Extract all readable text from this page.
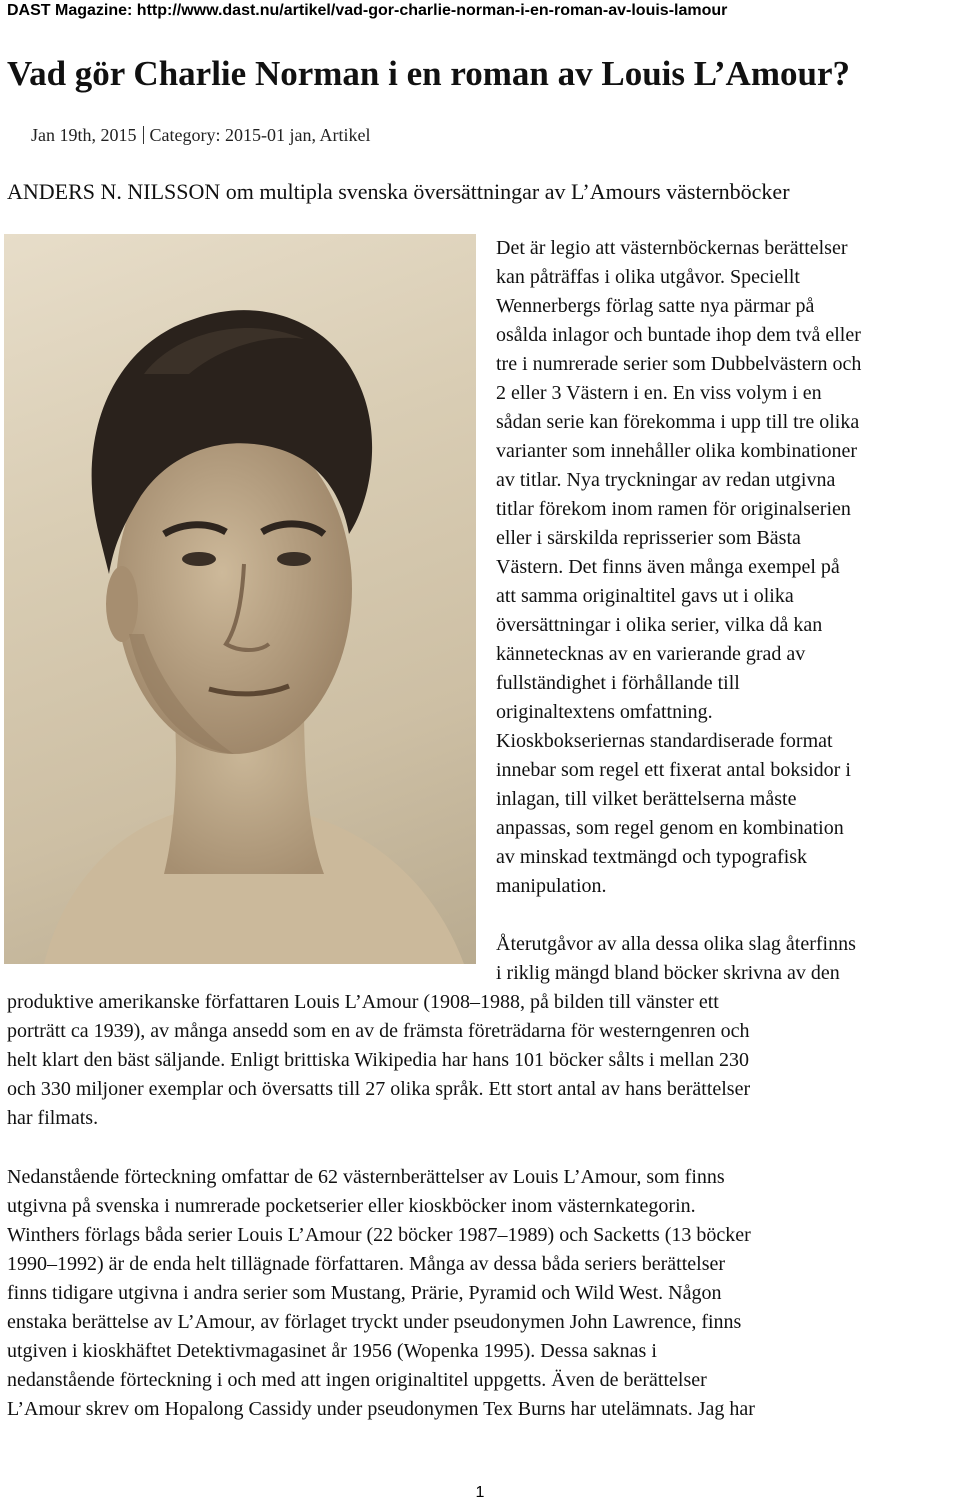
DAST Magazine: http://www.dast.nu/artikel/vad-gor-charlie-norman-i-en-roman-av-louis-lamour
Vad gör Charlie Norman i en roman av Louis L’Amour?
Jan 19th, 2015 Category: 2015-01 jan, Artikel
ANDERS N. NILSSON om multipla svenska översättningar av L’Amours västernböcker
Det är legio att västernböckernas berättelser
kan påträffas i olika utgåvor. Speciellt
Wennerbergs förlag satte nya pärmar på
osålda inlagor och buntade ihop dem två eller
tre i numrerade serier som Dubbelvästern och
2 eller 3 Västern i en. En viss volym i en
sådan serie kan förekomma i upp till tre olika
varianter som innehåller olika kombinationer
av titlar. Nya tryckningar av redan utgivna
titlar förekom inom ramen för originalserien
eller i särskilda reprisserier som Bästa
Västern. Det finns även många exempel på
att samma originaltitel gavs ut i olika
översättningar i olika serier, vilka då kan
kännetecknas av en varierande grad av
fullständighet i förhållande till
originaltextens omfattning.
Kioskbokseriernas standardiserade format
innebar som regel ett fixerat antal boksidor i
inlagan, till vilket berättelserna måste
anpassas, som regel genom en kombination
av minskad textmängd och typografisk
manipulation.
Återutgåvor av alla dessa olika slag återfinns
i riklig mängd bland böcker skrivna av den
produktive amerikanske författaren Louis L’Amour (1908–1988, på bilden till vänster ett
porträtt ca 1939), av många ansedd som en av de främsta företrädarna för westerngenren och
helt klart den bäst säljande. Enligt brittiska Wikipedia har hans 101 böcker sålts i mellan 230
och 330 miljoner exemplar och översatts till 27 olika språk. Ett stort antal av hans berättelser
har filmats.
Nedanstående förteckning omfattar de 62 västernberättelser av Louis L’Amour, som finns
utgivna på svenska i numrerade pocketserier eller kioskböcker inom västernkategorin.
Winthers förlags båda serier Louis L’Amour (22 böcker 1987–1989) och Sacketts (13 böcker
1990–1992) är de enda helt tillägnade författaren. Många av dessa båda seriers berättelser
finns tidigare utgivna i andra serier som Mustang, Prärie, Pyramid och Wild West. Någon
enstaka berättelse av L’Amour, av förlaget tryckt under pseudonymen John Lawrence, finns
utgiven i kioskhäftet Detektivmagasinet år 1956 (Wopenka 1995). Dessa saknas i
nedanstående förteckning i och med att ingen originaltitel uppgetts. Även de berättelser
L’Amour skrev om Hopalong Cassidy under pseudonymen Tex Burns har utelämnats. Jag har
1
